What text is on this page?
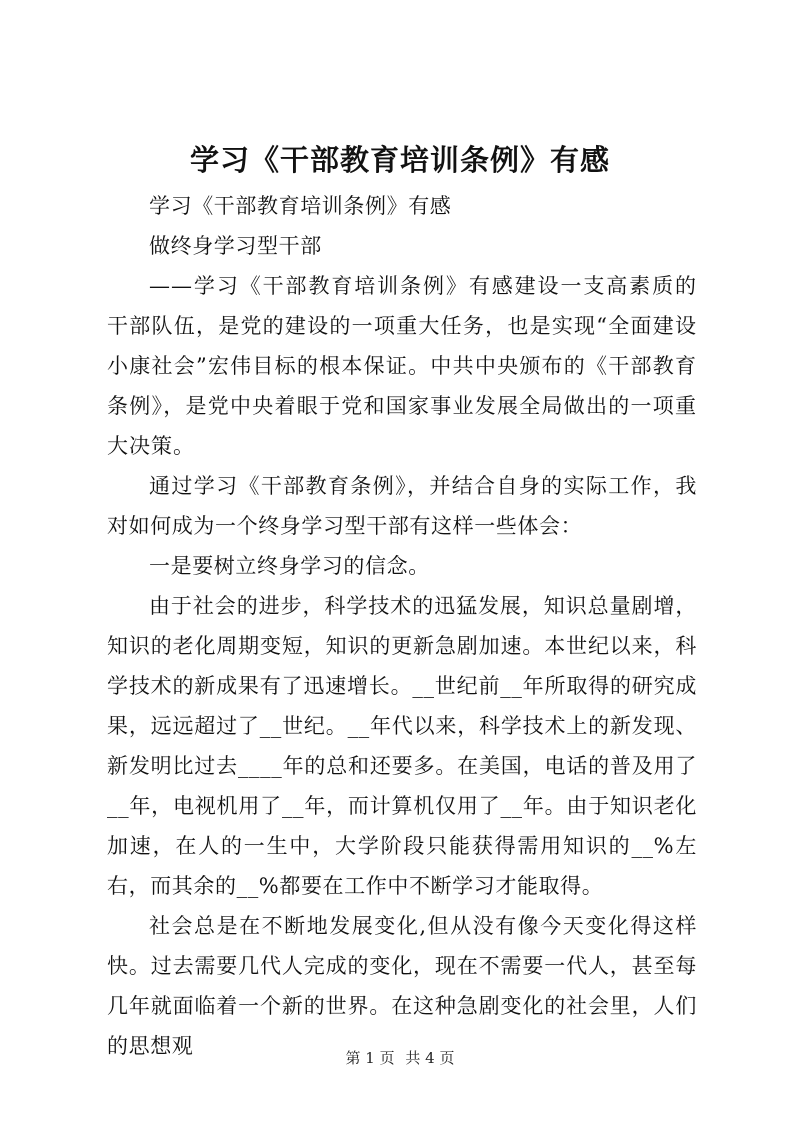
学习《干部教育培训条例》有感

学习《干部教育培训条例》有感

做终身学习型干部

——学习《干部教育培训条例》有感建设一支高素质的干部队伍，是党的建设的一项重大任务，也是实现“全面建设小康社会”宏伟目标的根本保证。中共中央颁布的《干部教育条例》，是党中央着眼于党和国家事业发展全局做出的一项重大决策。

通过学习《干部教育条例》，并结合自身的实际工作，我对如何成为一个终身学习型干部有这样一些体会：

一是要树立终身学习的信念。

由于社会的进步，科学技术的迅猛发展，知识总量剧增，知识的老化周期变短，知识的更新急剧加速。本世纪以来，科学技术的新成果有了迅速增长。__世纪前__年所取得的研究成果，远远超过了__世纪。__年代以来，科学技术上的新发现、新发明比过去____年的总和还要多。在美国，电话的普及用了__年，电视机用了__年，而计算机仅用了__年。由于知识老化加速，在人的一生中，大学阶段只能获得需用知识的__%左右，而其余的__%都要在工作中不断学习才能取得。

社会总是在不断地发展变化,但从没有像今天变化得这样快。过去需要几代人完成的变化，现在不需要一代人，甚至每几年就面临着一个新的世界。在这种急剧变化的社会里，人们的思想观	第 1 页 共 4 页
